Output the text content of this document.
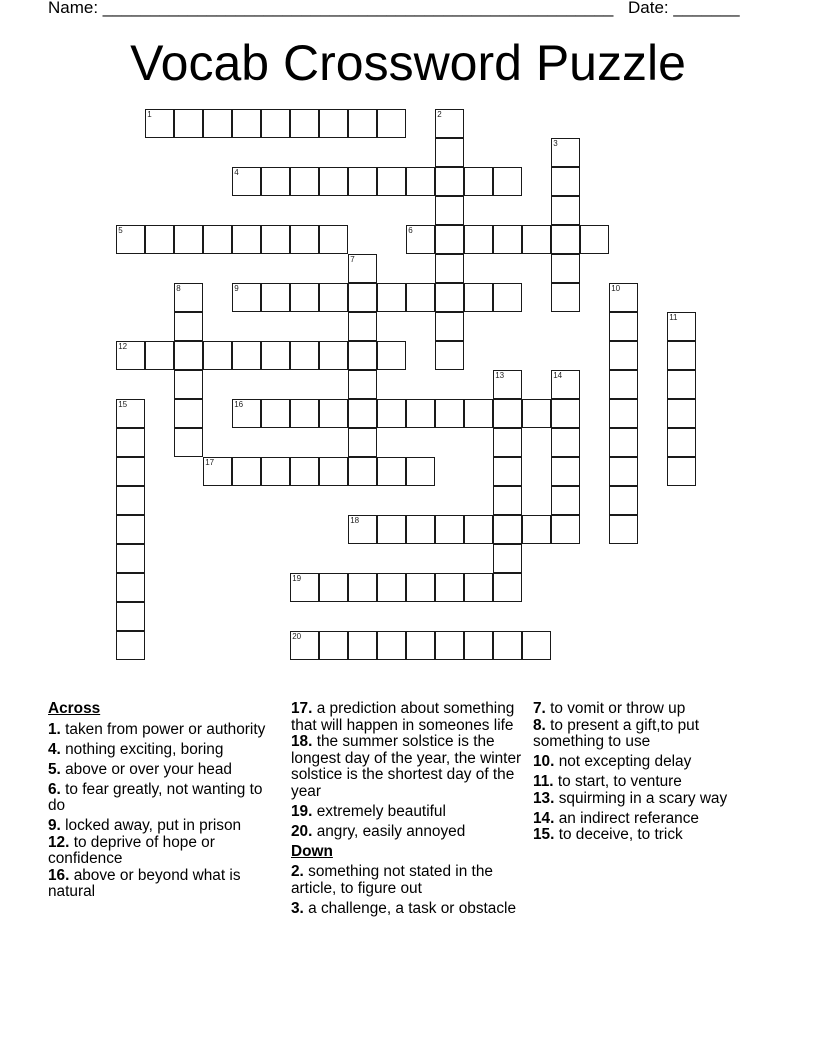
Name: ______________________________________________________ Date: _______
Vocab Crossword Puzzle
1	2
3
4
5	6
7
8	9	10
11
12
13	14
15	16
17
18
19
20
Across
1. taken from power or authority
4. nothing exciting, boring
5. above or over your head
6. to fear greatly, not wanting to do
9. locked away, put in prison
12. to deprive of hope or confidence
16. above or beyond what is natural
17. a prediction about something that will happen in someones life
18. the summer solstice is the longest day of the year, the winter solstice is the shortest day of the year
19. extremely beautiful
20. angry, easily annoyed
Down
2. something not stated in the article, to figure out
3. a challenge, a task or obstacle
7. to vomit or throw up
8. to present a gift,to put something to use
10. not excepting delay
11. to start, to venture
13. squirming in a scary way
14. an indirect referance
15. to deceive, to trick
